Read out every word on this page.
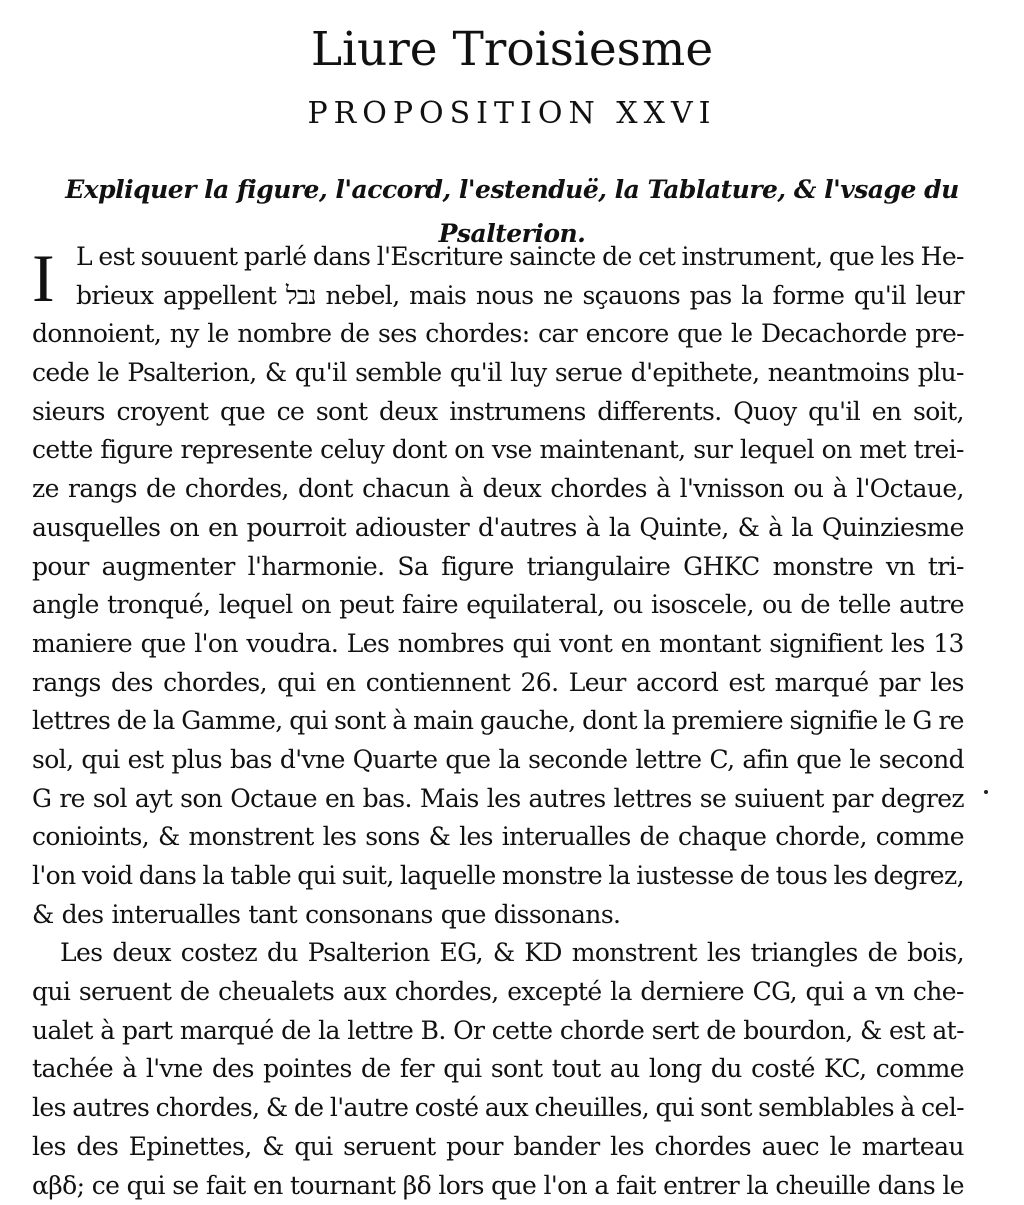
Liure Troisiesme
PROPOSITION XXVI
Expliquer la figure, l'accord, l'estenduë, la Tablature, & l'vsage du Psalterion.
I L est souuent parlé dans l'Escriture saincte de cet instrument, que les He-
brieux appellent נבל nebel, mais nous ne sçauons pas la forme qu'il leur
donnoient, ny le nombre de ses chordes: car encore que le Decachorde pre-
cede le Psalterion, & qu'il semble qu'il luy serue d'epithete, neantmoins plu-
sieurs croyent que ce sont deux instrumens differents. Quoy qu'il en soit,
cette figure represente celuy dont on vse maintenant, sur lequel on met trei-
ze rangs de chordes, dont chacun à deux chordes à l'vnisson ou à l'Octaue,
ausquelles on en pourroit adiouster d'autres à la Quinte, & à la Quinziesme
pour augmenter l'harmonie. Sa figure triangulaire GHKC monstre vn tri-
angle tronqué, lequel on peut faire equilateral, ou isoscele, ou de telle autre
maniere que l'on voudra. Les nombres qui vont en montant signifient les 13
rangs des chordes, qui en contiennent 26. Leur accord est marqué par les
lettres de la Gamme, qui sont à main gauche, dont la premiere signifie le G re
sol, qui est plus bas d'vne Quarte que la seconde lettre C, afin que le second
G re sol ayt son Octaue en bas. Mais les autres lettres se suiuent par degrez
conioints, & monstrent les sons & les interualles de chaque chorde, comme
l'on void dans la table qui suit, laquelle monstre la iustesse de tous les degrez,
& des interualles tant consonans que dissonans.
Les deux costez du Psalterion EG, & KD monstrent les triangles de bois,
qui seruent de cheualets aux chordes, excepté la derniere CG, qui a vn che-
ualet à part marqué de la lettre B. Or cette chorde sert de bourdon, & est at-
tachée à l'vne des pointes de fer qui sont tout au long du costé KC, comme
les autres chordes, & de l'autre costé aux cheuilles, qui sont semblables à cel-
les des Epinettes, & qui seruent pour bander les chordes auec le marteau
αβδ; ce qui se fait en tournant βδ lors que l'on a fait entrer la cheuille dans le
